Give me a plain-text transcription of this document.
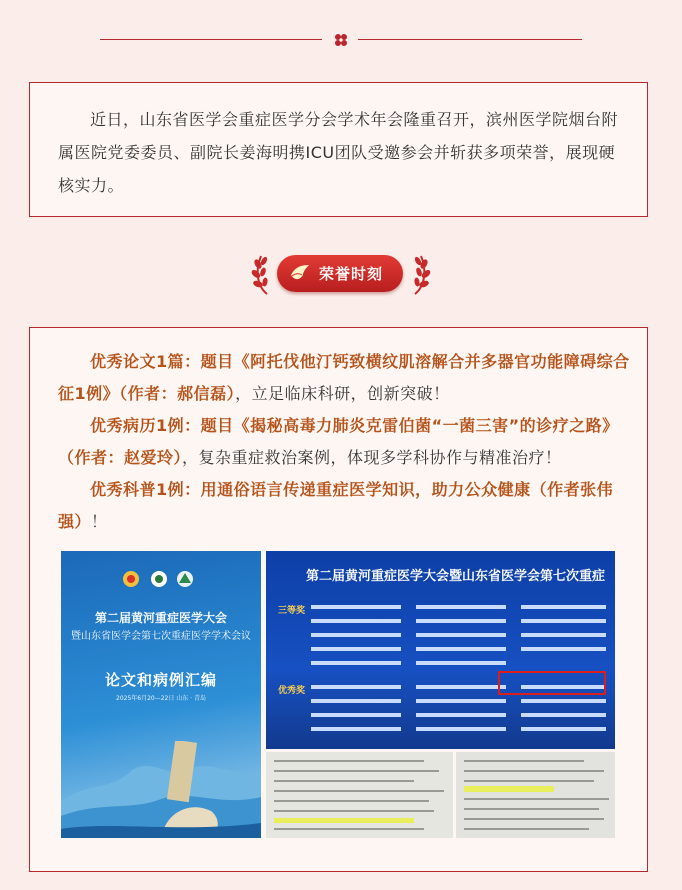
近日，山东省医学会重症医学分会学术年会隆重召开，滨州医学院烟台附属医院党委委员、副院长姜海明携ICU团队受邀参会并斩获多项荣誉，展现硬核实力。
荣誉时刻
优秀论文1篇：题目《阿托伐他汀钙致横纹肌溶解合并多器官功能障碍综合征1例》（作者：郝信磊），立足临床科研，创新突破！
优秀病历1例：题目《揭秘高毒力肺炎克雷伯菌“一菌三害”的诊疗之路》（作者：赵爱玲），复杂重症救治案例，体现多学科协作与精准治疗！
优秀科普1例：用通俗语言传递重症医学知识，助力公众健康（作者张伟强）！
第二届黄河重症医学大会
暨山东省医学会第七次重症医学学术会议
论文和病例汇编
2025年6月20—22日 山东 · 青岛
第二届黄河重症医学大会暨山东省医学会第七次重症
三等奖
优秀奖
